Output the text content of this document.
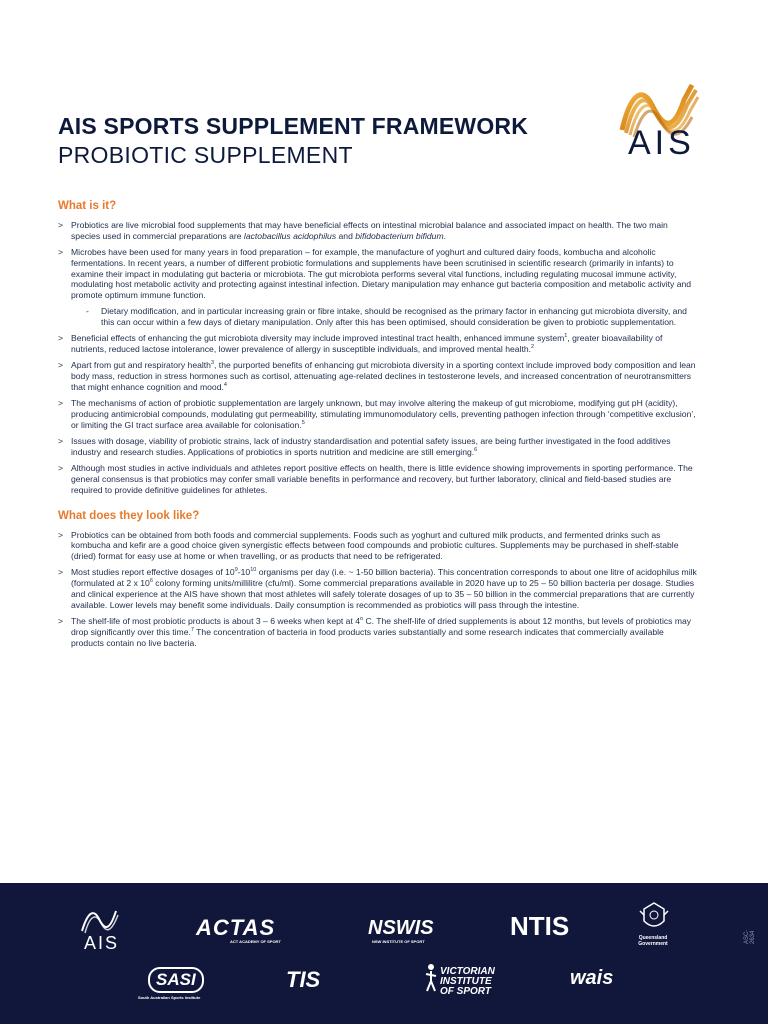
AIS
AIS SPORTS SUPPLEMENT FRAMEWORK
PROBIOTIC SUPPLEMENT
What is it?
> Probiotics are live microbial food supplements that may have beneficial effects on intestinal microbial balance and associated impact on health. The two main species used in commercial preparations are lactobacillus acidophilus and bifidobacterium bifidum.
> Microbes have been used for many years in food preparation – for example, the manufacture of yoghurt and cultured dairy foods, kombucha and alcoholic fermentations. In recent years, a number of different probiotic formulations and supplements have been scrutinised in scientific research (primarily in infants) to examine their impact in modulating gut bacteria or microbiota. The gut microbiota performs several vital functions, including regulating mucosal immune activity, modulating host metabolic activity and protecting against intestinal infection. Dietary manipulation may enhance gut bacteria composition and metabolic activity and promote optimum immune function.
- Dietary modification, and in particular increasing grain or fibre intake, should be recognised as the primary factor in enhancing gut microbiota diversity, and this can occur within a few days of dietary manipulation. Only after this has been optimised, should consideration be given to probiotic supplementation.
> Beneficial effects of enhancing the gut microbiota diversity may include improved intestinal tract health, enhanced immune system$^1$, greater bioavailability of nutrients, reduced lactose intolerance, lower prevalence of allergy in susceptible individuals, and improved mental health.$^2$
> Apart from gut and respiratory health$^3$, the purported benefits of enhancing gut microbiota diversity in a sporting context include improved body composition and lean body mass, reduction in stress hormones such as cortisol, attenuating age-related declines in testosterone levels, and increased concentration of neurotransmitters that might enhance cognition and mood.$^4$
> The mechanisms of action of probiotic supplementation are largely unknown, but may involve altering the makeup of gut microbiome, modifying gut pH (acidity), producing antimicrobial compounds, modulating gut permeability, stimulating immunomodulatory cells, preventing pathogen infection through ‘competitive exclusion’, or limiting the GI tract surface area available for colonisation.$^5$
> Issues with dosage, viability of probiotic strains, lack of industry standardisation and potential safety issues, are being further investigated in the food additives industry and research studies. Applications of probiotics in sports nutrition and medicine are still emerging.$^6$
> Although most studies in active individuals and athletes report positive effects on health, there is little evidence showing improvements in sporting performance. The general consensus is that probiotics may confer small variable benefits in performance and recovery, but further laboratory, clinical and field-based studies are required to provide definitive guidelines for athletes.
What does they look like?
> Probiotics can be obtained from both foods and commercial supplements. Foods such as yoghurt and cultured milk products, and fermented drinks such as kombucha and kefir are a good choice given synergistic effects between food compounds and probiotic cultures. Supplements may be purchased in shelf-stable (dried) format for easy use at home or when travelling, or as products that need to be refrigerated.
> Most studies report effective dosages of $10^9-10^{10}$ organisms per day (i.e. ~ 1-50 billion bacteria). This concentration corresponds to about one litre of acidophilus milk (formulated at 2 x $10^6$ colony forming units/millilitre (cfu/ml). Some commercial preparations available in 2020 have up to 25 – 50 billion bacteria per dosage. Studies and clinical experience at the AIS have shown that most athletes will safely tolerate dosages of up to 35 – 50 billion in the commercial preparations that are currently available. Lower levels may benefit some individuals. Daily consumption is recommended as probiotics will pass through the intestine.
> The shelf-life of most probiotic products is about 3 – 6 weeks when kept at 4$^o$ C. The shelf-life of dried supplements is about 12 months, but levels of probiotics may drop significantly over this time.$^7$ The concentration of bacteria in food products varies substantially and some research indicates that commercially available products contain no live bacteria.
AIS
ACTAS
ACT ACADEMY OF SPORT
NSWIS
NSW INSTITUTE OF SPORT
NTIS	Queensland Government
SASI
South Australian Sports Institute
TIS	VICTORIAN INSTITUTE OF SPORT
wais
ASC-2634
